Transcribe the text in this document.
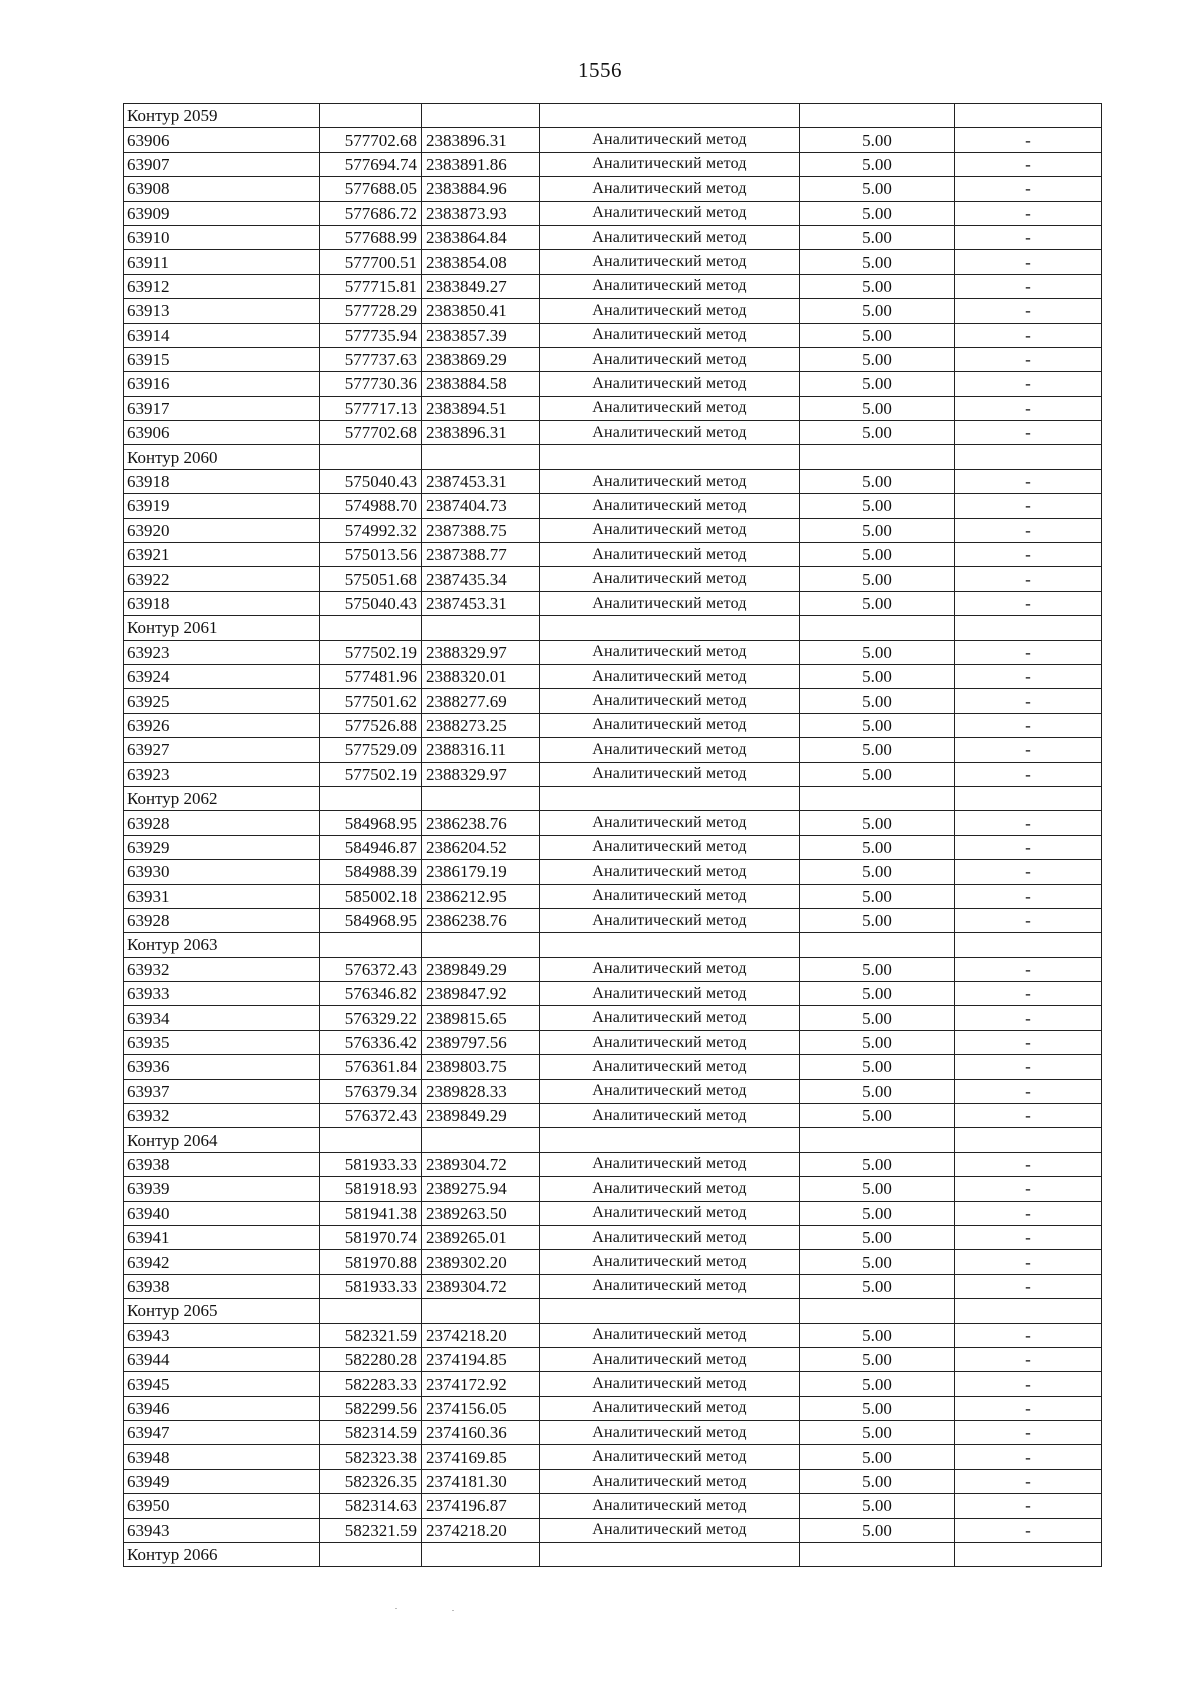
1556
Контур 2059					
63906	577702.68	2383896.31	Аналитический метод	5.00	-
63907	577694.74	2383891.86	Аналитический метод	5.00	-
63908	577688.05	2383884.96	Аналитический метод	5.00	-
63909	577686.72	2383873.93	Аналитический метод	5.00	-
63910	577688.99	2383864.84	Аналитический метод	5.00	-
63911	577700.51	2383854.08	Аналитический метод	5.00	-
63912	577715.81	2383849.27	Аналитический метод	5.00	-
63913	577728.29	2383850.41	Аналитический метод	5.00	-
63914	577735.94	2383857.39	Аналитический метод	5.00	-
63915	577737.63	2383869.29	Аналитический метод	5.00	-
63916	577730.36	2383884.58	Аналитический метод	5.00	-
63917	577717.13	2383894.51	Аналитический метод	5.00	-
63906	577702.68	2383896.31	Аналитический метод	5.00	-
Контур 2060					
63918	575040.43	2387453.31	Аналитический метод	5.00	-
63919	574988.70	2387404.73	Аналитический метод	5.00	-
63920	574992.32	2387388.75	Аналитический метод	5.00	-
63921	575013.56	2387388.77	Аналитический метод	5.00	-
63922	575051.68	2387435.34	Аналитический метод	5.00	-
63918	575040.43	2387453.31	Аналитический метод	5.00	-
Контур 2061					
63923	577502.19	2388329.97	Аналитический метод	5.00	-
63924	577481.96	2388320.01	Аналитический метод	5.00	-
63925	577501.62	2388277.69	Аналитический метод	5.00	-
63926	577526.88	2388273.25	Аналитический метод	5.00	-
63927	577529.09	2388316.11	Аналитический метод	5.00	-
63923	577502.19	2388329.97	Аналитический метод	5.00	-
Контур 2062					
63928	584968.95	2386238.76	Аналитический метод	5.00	-
63929	584946.87	2386204.52	Аналитический метод	5.00	-
63930	584988.39	2386179.19	Аналитический метод	5.00	-
63931	585002.18	2386212.95	Аналитический метод	5.00	-
63928	584968.95	2386238.76	Аналитический метод	5.00	-
Контур 2063					
63932	576372.43	2389849.29	Аналитический метод	5.00	-
63933	576346.82	2389847.92	Аналитический метод	5.00	-
63934	576329.22	2389815.65	Аналитический метод	5.00	-
63935	576336.42	2389797.56	Аналитический метод	5.00	-
63936	576361.84	2389803.75	Аналитический метод	5.00	-
63937	576379.34	2389828.33	Аналитический метод	5.00	-
63932	576372.43	2389849.29	Аналитический метод	5.00	-
Контур 2064					
63938	581933.33	2389304.72	Аналитический метод	5.00	-
63939	581918.93	2389275.94	Аналитический метод	5.00	-
63940	581941.38	2389263.50	Аналитический метод	5.00	-
63941	581970.74	2389265.01	Аналитический метод	5.00	-
63942	581970.88	2389302.20	Аналитический метод	5.00	-
63938	581933.33	2389304.72	Аналитический метод	5.00	-
Контур 2065					
63943	582321.59	2374218.20	Аналитический метод	5.00	-
63944	582280.28	2374194.85	Аналитический метод	5.00	-
63945	582283.33	2374172.92	Аналитический метод	5.00	-
63946	582299.56	2374156.05	Аналитический метод	5.00	-
63947	582314.59	2374160.36	Аналитический метод	5.00	-
63948	582323.38	2374169.85	Аналитический метод	5.00	-
63949	582326.35	2374181.30	Аналитический метод	5.00	-
63950	582314.63	2374196.87	Аналитический метод	5.00	-
63943	582321.59	2374218.20	Аналитический метод	5.00	-
Контур 2066					
